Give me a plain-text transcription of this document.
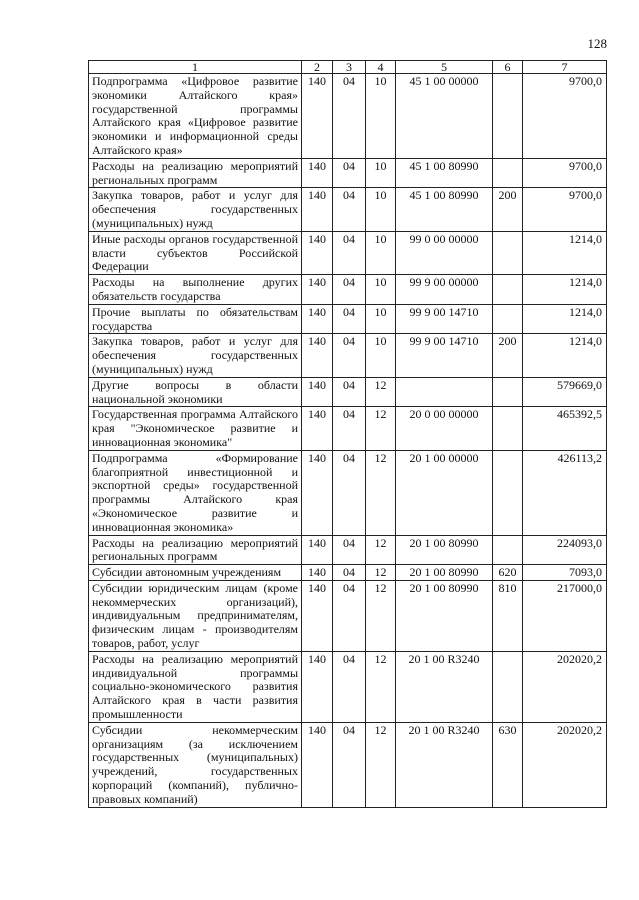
128
1	2	3	4	5	6	7
Подпрограмма «Цифровое развитие экономики Алтайского края» государственной программы Алтайского края «Цифровое развитие экономики и информационной среды Алтайского края»	140	04	10	45 1 00 00000		9700,0
Расходы на реализацию мероприятий региональных программ	140	04	10	45 1 00 80990		9700,0
Закупка товаров, работ и услуг для обеспечения государственных (муниципальных) нужд	140	04	10	45 1 00 80990	200	9700,0
Иные расходы органов государственной власти субъектов Российской Федерации	140	04	10	99 0 00 00000		1214,0
Расходы на выполнение других обязательств государства	140	04	10	99 9 00 00000		1214,0
Прочие выплаты по обязательствам государства	140	04	10	99 9 00 14710		1214,0
Закупка товаров, работ и услуг для обеспечения государственных (муниципальных) нужд	140	04	10	99 9 00 14710	200	1214,0
Другие вопросы в области национальной экономики	140	04	12			579669,0
Государственная программа Алтайского края "Экономическое развитие и инновационная экономика"	140	04	12	20 0 00 00000		465392,5
Подпрограмма «Формирование благоприятной инвестиционной и экспортной среды» государственной программы Алтайского края «Экономическое развитие и инновационная экономика»	140	04	12	20 1 00 00000		426113,2
Расходы на реализацию мероприятий региональных программ	140	04	12	20 1 00 80990		224093,0
Субсидии автономным учреждениям	140	04	12	20 1 00 80990	620	7093,0
Субсидии юридическим лицам (кроме некоммерческих организаций), индивидуальным предпринимателям, физическим лицам - производителям товаров, работ, услуг	140	04	12	20 1 00 80990	810	217000,0
Расходы на реализацию мероприятий индивидуальной программы социально-экономического развития Алтайского края в части развития промышленности	140	04	12	20 1 00 R3240		202020,2
Субсидии некоммерческим организациям (за исключением государственных (муниципальных) учреждений, государственных корпораций (компаний), публично-правовых компаний)	140	04	12	20 1 00 R3240	630	202020,2
